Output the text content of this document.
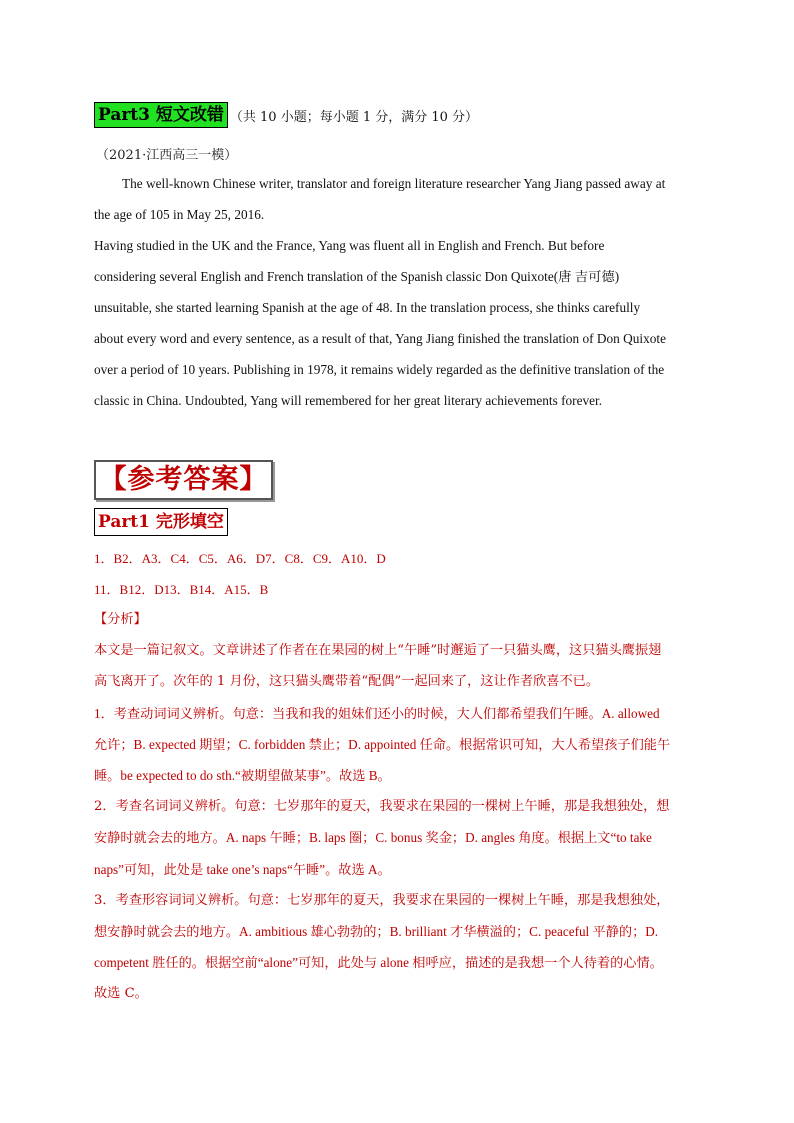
Part3 短文改错 （共 10 小题；每小题 1 分，满分 10 分）
（2021·江西高三一模）

The well-known Chinese writer, translator and foreign literature researcher Yang Jiang passed away at

the age of 105 in May 25, 2016.

Having studied in the UK and the France, Yang was fluent all in English and French. But before

considering several English and French translation of the Spanish classic Don Quixote(唐 吉可德)

unsuitable, she started learning Spanish at the age of 48. In the translation process, she thinks carefully

about every word and every sentence, as a result of that, Yang Jiang finished the translation of Don Quixote

over a period of 10 years. Publishing in 1978, it remains widely regarded as the definitive translation of the

classic in China. Undoubted, Yang will remembered for her great literary achievements forever.

【参考答案】
Part1 完形填空
1．B2．A3．C4．C5．A6．D7．C8．C9．A10．D
11．B12．D13．B14．A15．B

【分析】

本文是一篇记叙文。文章讲述了作者在在果园的树上“午睡”时邂逅了一只猫头鹰，这只猫头鹰振翅

高飞离开了。次年的 1 月份，这只猫头鹰带着“配偶”一起回来了，这让作者欣喜不已。

1．考查动词词义辨析。句意：当我和我的姐妹们还小的时候，大人们都希望我们午睡。A. allowed

允许；B. expected 期望；C. forbidden 禁止；D. appointed 任命。根据常识可知，大人希望孩子们能午

睡。be expected to do sth.“被期望做某事”。故选 B。

2．考查名词词义辨析。句意：七岁那年的夏天，我要求在果园的一棵树上午睡，那是我想独处，想

安静时就会去的地方。A. naps 午睡；B. laps 圈；C. bonus 奖金；D. angles 角度。根据上文“to take

naps”可知，此处是 take one’s naps“午睡”。故选 A。

3．考查形容词词义辨析。句意：七岁那年的夏天，我要求在果园的一棵树上午睡，那是我想独处，

想安静时就会去的地方。A. ambitious 雄心勃勃的；B. brilliant 才华横溢的；C. peaceful 平静的；D.

competent 胜任的。根据空前“alone”可知，此处与 alone 相呼应，描述的是我想一个人待着的心情。

故选 C。
